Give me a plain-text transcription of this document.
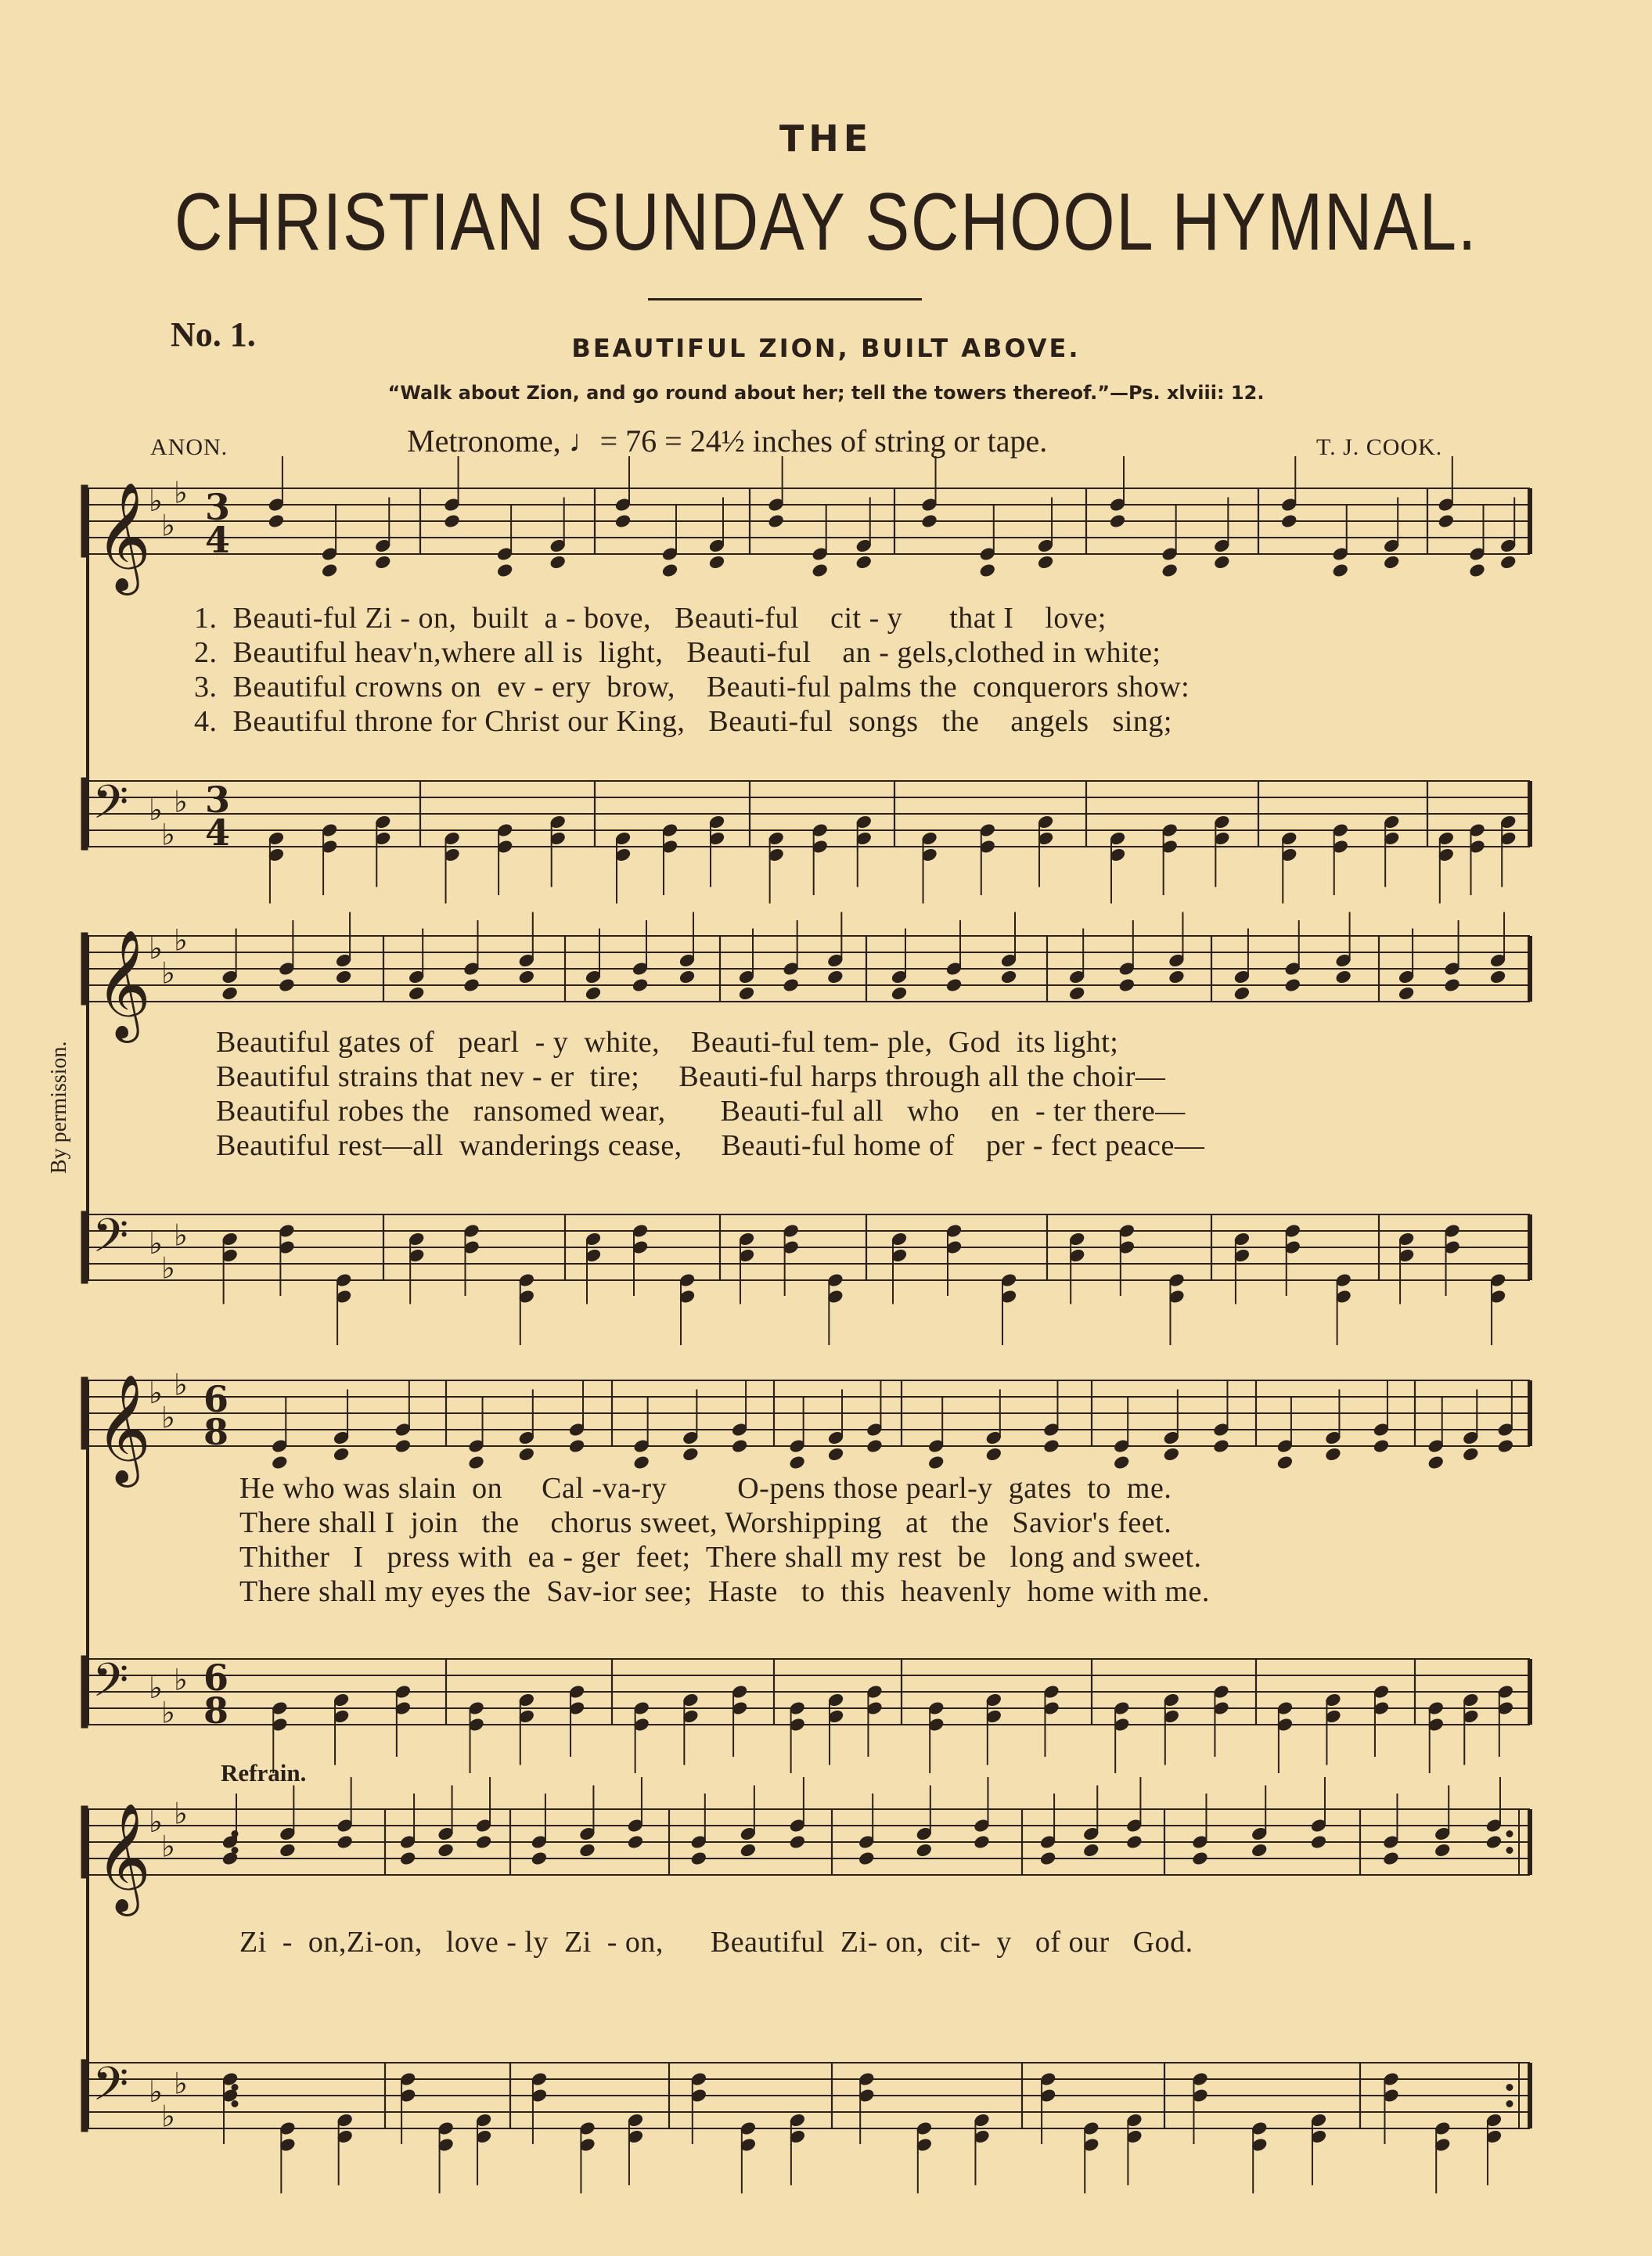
THE
CHRISTIAN SUNDAY SCHOOL HYMNAL.
No. 1.	BEAUTIFUL ZION, BUILT ABOVE.
“Walk about Zion, and go round about her; tell the towers thereof.”—Ps. xlviii: 12.
ANON.	Metronome, ♩= 76 = 24½ inches of string or tape.	T. J. COOK.
By permission.
Refrain.
1.  Beauti-ful Zi - on,  built  a - bove,   Beauti-ful    cit - y      that I    love;
2.  Beautiful heav'n,where all is  light,   Beauti-ful    an - gels,clothed in white;
3.  Beautiful crowns on  ev - ery  brow,    Beauti-ful palms the  conquerors show:
4.  Beautiful throne for Christ our King,   Beauti-ful  songs   the    angels   sing;
Beautiful gates of   pearl  - y  white,    Beauti-ful tem- ple,  God  its light;
Beautiful strains that nev - er  tire;     Beauti-ful harps through all the choir—
Beautiful robes the   ransomed wear,       Beauti-ful all   who    en  - ter there—
Beautiful rest—all  wanderings cease,     Beauti-ful home of    per - fect peace—
He who was slain  on     Cal -va-ry         O-pens those pearl-y  gates  to  me.
There shall I  join   the    chorus sweet, Worshipping   at   the   Savior's feet.
Thither   I   press with  ea - ger  feet;  There shall my rest  be   long and sweet.
There shall my eyes the  Sav-ior see;  Haste   to  this  heavenly  home with me.
Zi  -  on,Zi-on,   love - ly  Zi  - on,      Beautiful  Zi- on,  cit-  y   of our   God.
♭
♭
♭
♭
♭
♭
𝄞
𝄢
♭
♭
♭
♭
♭
♭
𝄞
𝄢
♭
♭
♭
♭
♭
♭
𝄞
𝄢
♭
♭
♭
♭
♭
♭
𝄞
𝄢
3
4
3
4
6
8
6
8
